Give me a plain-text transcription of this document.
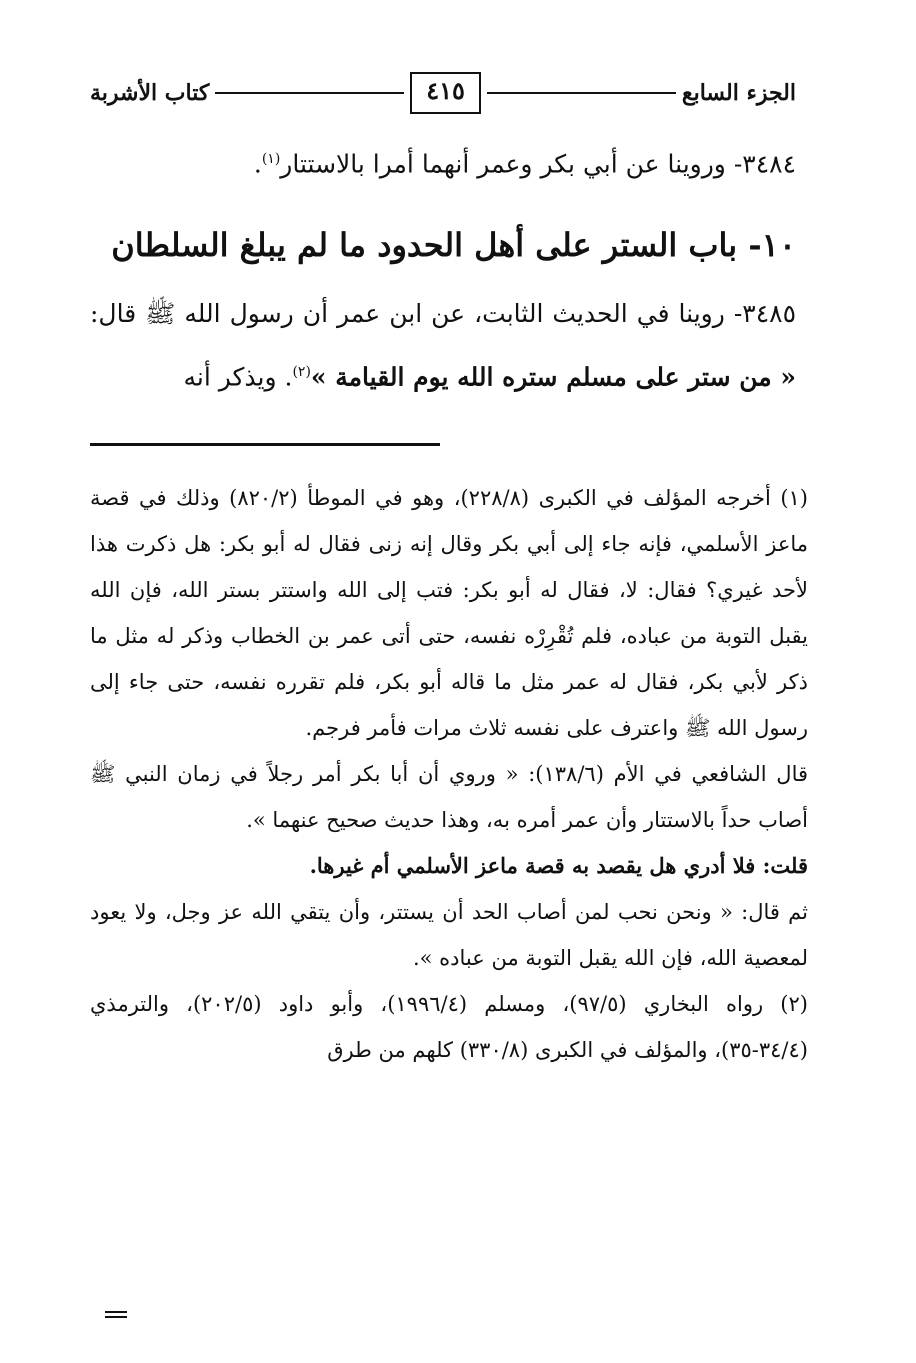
الجزء السابع
٤١٥
كتاب الأشربة

٣٤٨٤- وروينا عن أبي بكر وعمر أنهما أمرا بالاستتار$^{(١)}$.

١٠- باب الستر على أهل الحدود ما لم يبلغ السلطان

٣٤٨٥- روينا في الحديث الثابت، عن ابن عمر أن رسول الله ﷺ قال: « من ستر على مسلم ستره الله يوم القيامة »$^{(٢)}$. ويذكر أنه

(١) أخرجه المؤلف في الكبرى (٢٢٨/٨)، وهو في الموطأ (٨٢٠/٢) وذلك في قصة ماعز الأسلمي، فإنه جاء إلى أبي بكر وقال إنه زنى فقال له أبو بكر: هل ذكرت هذا لأحد غيري؟ فقال: لا، فقال له أبو بكر: فتب إلى الله واستتر بستر الله، فإن الله يقبل التوبة من عباده، فلم تُقْرِرْه نفسه، حتى أتى عمر بن الخطاب وذكر له مثل ما ذكر لأبي بكر، فقال له عمر مثل ما قاله أبو بكر، فلم تقرره نفسه، حتى جاء إلى رسول الله ﷺ واعترف على نفسه ثلاث مرات فأمر فرجم.

قال الشافعي في الأم (١٣٨/٦): « وروي أن أبا بكر أمر رجلاً في زمان النبي ﷺ أصاب حداً بالاستتار وأن عمر أمره به، وهذا حديث صحيح عنهما ».

قلت: فلا أدري هل يقصد به قصة ماعز الأسلمي أم غيرها.

ثم قال: « ونحن نحب لمن أصاب الحد أن يستتر، وأن يتقي الله عز وجل، ولا يعود لمعصية الله، فإن الله يقبل التوبة من عباده ».

(٢) رواه البخاري (٩٧/٥)، ومسلم (١٩٩٦/٤)، وأبو داود (٢٠٢/٥)، والترمذي (٣٤/٤-٣٥)، والمؤلف في الكبرى (٣٣٠/٨) كلهم من طرق
